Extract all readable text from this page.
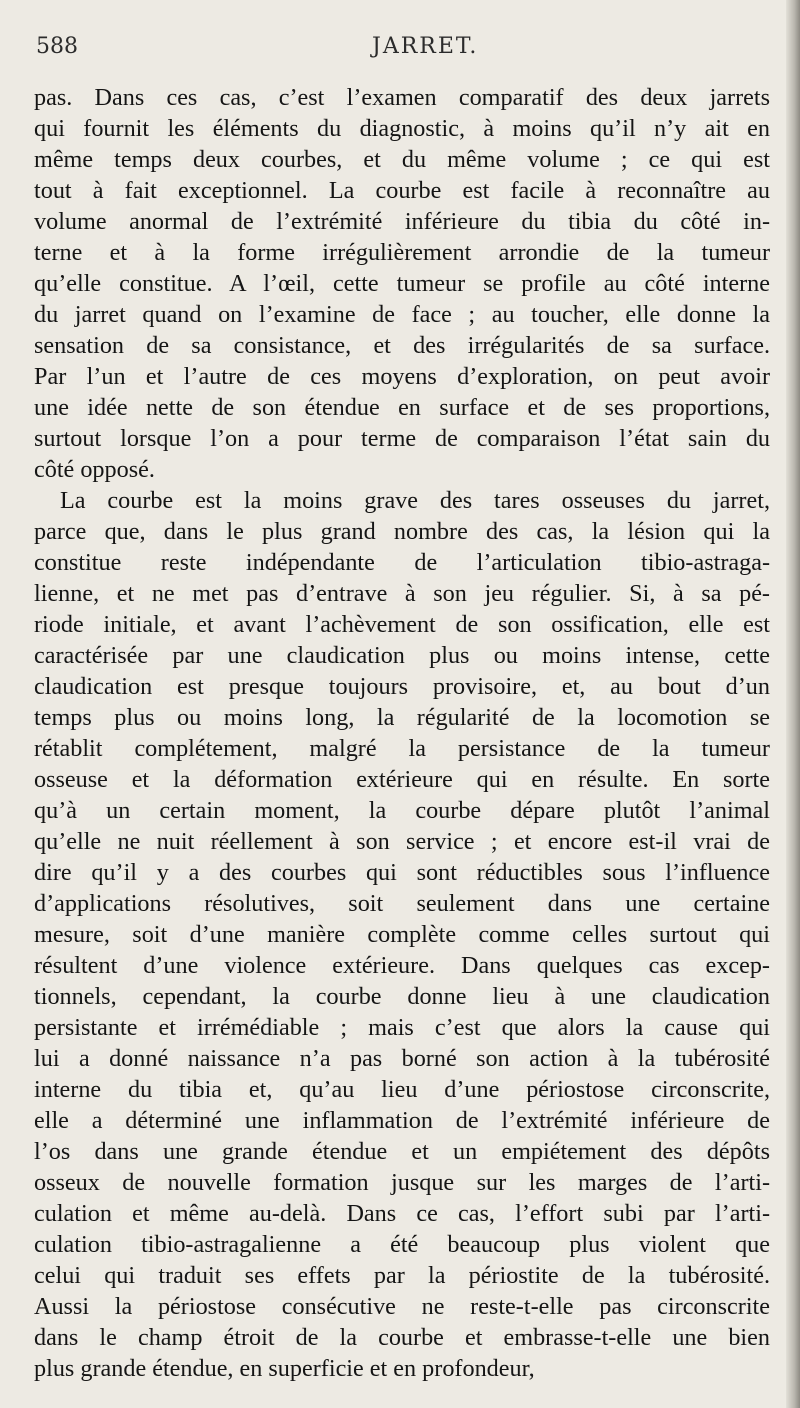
588	JARRET.
pas. Dans ces cas, c’est l’examen comparatif des deux jarrets
qui fournit les éléments du diagnostic, à moins qu’il n’y ait en
même temps deux courbes, et du même volume ; ce qui est
tout à fait exceptionnel. La courbe est facile à reconnaître au
volume anormal de l’extrémité inférieure du tibia du côté in-
terne et à la forme irrégulièrement arrondie de la tumeur
qu’elle constitue. A l’œil, cette tumeur se profile au côté interne
du jarret quand on l’examine de face ; au toucher, elle donne la
sensation de sa consistance, et des irrégularités de sa surface.
Par l’un et l’autre de ces moyens d’exploration, on peut avoir
une idée nette de son étendue en surface et de ses proportions,
surtout lorsque l’on a pour terme de comparaison l’état sain du
côté opposé.
La courbe est la moins grave des tares osseuses du jarret,
parce que, dans le plus grand nombre des cas, la lésion qui la
constitue reste indépendante de l’articulation tibio-astraga-
lienne, et ne met pas d’entrave à son jeu régulier. Si, à sa pé-
riode initiale, et avant l’achèvement de son ossification, elle est
caractérisée par une claudication plus ou moins intense, cette
claudication est presque toujours provisoire, et, au bout d’un
temps plus ou moins long, la régularité de la locomotion se
rétablit complétement, malgré la persistance de la tumeur
osseuse et la déformation extérieure qui en résulte. En sorte
qu’à un certain moment, la courbe dépare plutôt l’animal
qu’elle ne nuit réellement à son service ; et encore est-il vrai de
dire qu’il y a des courbes qui sont réductibles sous l’influence
d’applications résolutives, soit seulement dans une certaine
mesure, soit d’une manière complète comme celles surtout qui
résultent d’une violence extérieure. Dans quelques cas excep-
tionnels, cependant, la courbe donne lieu à une claudication
persistante et irrémédiable ; mais c’est que alors la cause qui
lui a donné naissance n’a pas borné son action à la tubérosité
interne du tibia et, qu’au lieu d’une périostose circonscrite,
elle a déterminé une inflammation de l’extrémité inférieure de
l’os dans une grande étendue et un empiétement des dépôts
osseux de nouvelle formation jusque sur les marges de l’arti-
culation et même au-delà. Dans ce cas, l’effort subi par l’arti-
culation tibio-astragalienne a été beaucoup plus violent que
celui qui traduit ses effets par la périostite de la tubérosité.
Aussi la périostose consécutive ne reste-t-elle pas circonscrite
dans le champ étroit de la courbe et embrasse-t-elle une bien
plus grande étendue, en superficie et en profondeur,
